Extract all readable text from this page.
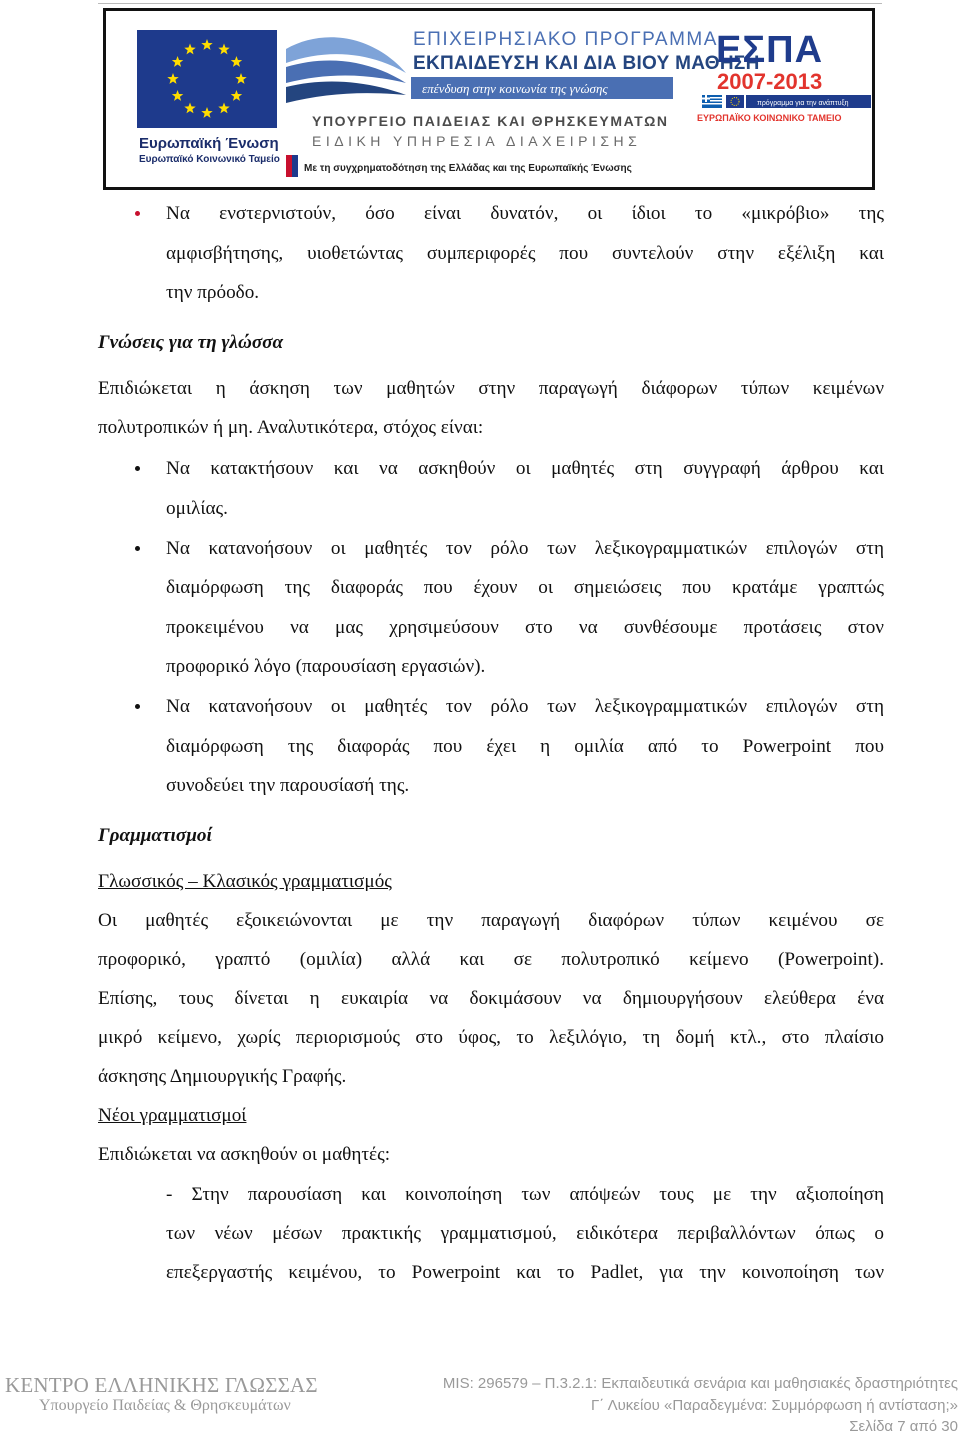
Ευρωπαϊκή Ένωση
Ευρωπαϊκό Κοινωνικό Ταμείο
ΕΠΙΧΕΙΡΗΣΙΑΚΟ ΠΡΟΓΡΑΜΜΑ
ΕΚΠΑΙΔΕΥΣΗ ΚΑΙ ΔΙΑ ΒΙΟΥ ΜΑΘΗΣΗ
επένδυση στην κοινωνία της γνώσης
ΥΠΟΥΡΓΕΙΟ ΠΑΙΔΕΙΑΣ ΚΑΙ ΘΡΗΣΚΕΥΜΑΤΩΝ
ΕΙΔΙΚΗ ΥΠΗΡΕΣΙΑ ΔΙΑΧΕΙΡΙΣΗΣ
Με τη συγχρηματοδότηση της Ελλάδας και της Ευρωπαϊκής Ένωσης
ΕΣΠΑ
2007-2013
πρόγραμμα για την ανάπτυξη
ΕΥΡΩΠΑΪΚΟ ΚΟΙΝΩΝΙΚΟ ΤΑΜΕΙΟ
Να ενστερνιστούν, όσο είναι δυνατόν, οι ίδιοι το «μικρόβιο» της
αμφισβήτησης, υιοθετώντας συμπεριφορές που συντελούν στην εξέλιξη και
την πρόοδο.
Γνώσεις για τη γλώσσα
Επιδιώκεται η άσκηση των μαθητών στην παραγωγή διάφορων τύπων κειμένων
πολυτροπικών ή μη. Αναλυτικότερα, στόχος είναι:
Να κατακτήσουν και να ασκηθούν οι μαθητές στη συγγραφή άρθρου και
ομιλίας.
Να κατανοήσουν οι μαθητές τον ρόλο των λεξικογραμματικών επιλογών στη
διαμόρφωση της διαφοράς που έχουν οι σημειώσεις που κρατάμε γραπτώς
προκειμένου να μας χρησιμεύσουν στο να συνθέσουμε προτάσεις στον
προφορικό λόγο (παρουσίαση εργασιών).
Να κατανοήσουν οι μαθητές τον ρόλο των λεξικογραμματικών επιλογών στη
διαμόρφωση της διαφοράς που έχει η ομιλία από το Powerpoint που
συνοδεύει την παρουσίασή της.
Γραμματισμοί
Γλωσσικός – Κλασικός γραμματισμός
Οι μαθητές εξοικειώνονται με την παραγωγή διαφόρων τύπων κειμένου σε
προφορικό, γραπτό (ομιλία) αλλά και σε πολυτροπικό κείμενο (Powerpoint).
Επίσης, τους δίνεται η ευκαιρία να δοκιμάσουν να δημιουργήσουν ελεύθερα ένα
μικρό κείμενο, χωρίς περιορισμούς στο ύφος, το λεξιλόγιο, τη δομή κτλ., στο πλαίσιο
άσκησης Δημιουργικής Γραφής.
Νέοι γραμματισμοί
Επιδιώκεται να ασκηθούν οι μαθητές:
- Στην παρουσίαση και κοινοποίηση των απόψεών τους με την αξιοποίηση
των νέων μέσων πρακτικής γραμματισμού, ειδικότερα περιβαλλόντων όπως ο
επεξεργαστής κειμένου, το Powerpoint και το Padlet, για την κοινοποίηση των
ΚΕΝΤΡΟ ΕΛΛΗΝΙΚΗΣ ΓΛΩΣΣΑΣ
Υπουργείο Παιδείας & Θρησκευμάτων
MIS: 296579 – Π.3.2.1: Εκπαιδευτικά σενάρια και μαθησιακές δραστηριότητες
Γ΄ Λυκείου «Παραδεγμένα: Συμμόρφωση ή αντίσταση;»
Σελίδα 7 από 30
